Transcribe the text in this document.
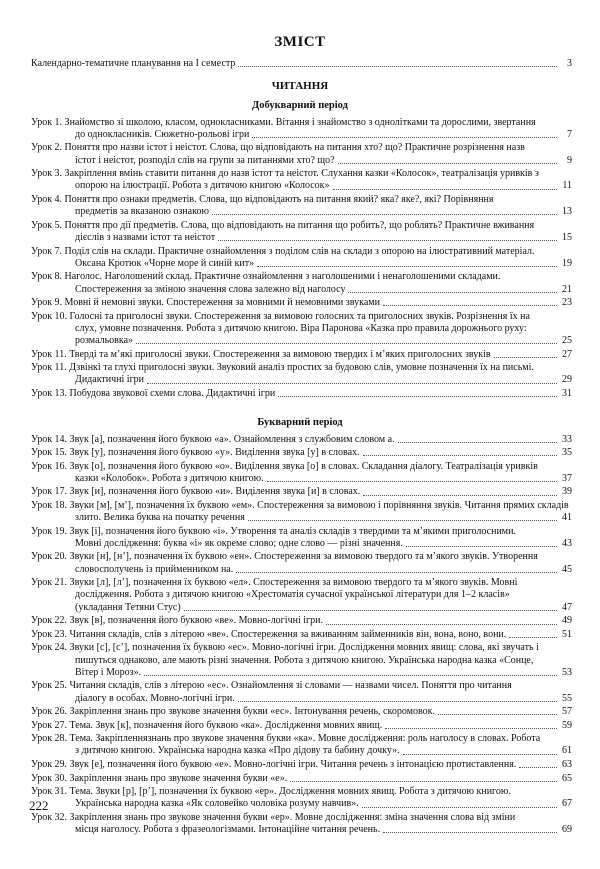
ЗМІСТ
Календарно-тематичне планування на І семестр	3
ЧИТАННЯ
Добукварний період
Урок 1. Знайомство зі школою, класом, однокласниками. Вітання і знайомство з однолітками та дорослими, звертання
до однокласників. Сюжетно-рольові ігри	7
Урок 2. Поняття про назви істот і неістот. Слова, що відповідають на питання хто? що? Практичне розрізнення назв
істот і неістот, розподіл слів на групи за питаннями хто? що?	9
Урок 3. Закріплення вмінь ставити питання до назв істот та неістот. Слухання казки «Колосок», театралізація уривків з
опорою на ілюстрації. Робота з дитячою книгою «Колосок»	11
Урок 4. Поняття про ознаки предметів. Слова, що відповідають на питання який? яка? яке?, які? Порівняння
предметів за вказаною ознакою	13
Урок 5. Поняття про дії предметів. Слова, що відповідають на питання що робить?, що роблять? Практичне вживання
дієслів з назвами істот та неістот	15
Урок 7. Поділ слів на склади. Практичне ознайомлення з поділом слів на склади з опорою на ілюстративний матеріал.
Оксана Кротюк «Чорне море й синій кит»	19
Урок 8. Наголос. Наголошений склад. Практичне ознайомлення з наголошеними і ненаголошеними складами.
Спостереження за зміною значення слова залежно від наголосу	21
Урок 9. Мовні й немовні звуки. Спостереження за мовними й немовними звуками	23
Урок 10. Голосні та приголосні звуки. Спостереження за вимовою голосних та приголосних звуків. Розрізнення їх на
слух, умовне позначення. Робота з дитячою книгою. Віра Паронова «Казка про правила дорожнього руху:
розмальовка»	25
Урок 11. Тверді та м’які приголосні звуки. Спостереження за вимовою твердих і м’яких приголосних звуків	27
Урок 11. Дзвінкі та глухі приголосні звуки. Звуковий аналіз простих за будовою слів, умовне позначення їх на письмі.
Дидактичні ігри	29
Урок 13. Побудова звукової схеми слова. Дидактичні ігри	31
Букварний період
Урок 14. Звук [а], позначення його буквою «а». Ознайомлення з службовим словом а.	33
Урок 15. Звук [у], позначення його буквою «у». Виділення звука [у] в словах.	35
Урок 16. Звук [о], позначення його буквою «о». Виділення звука [о] в словах. Складання діалогу. Театралізація уривків
казки «Колобок». Робота з дитячою книгою.	37
Урок 17. Звук [и], позначення його буквою «и». Виділення звука [и] в словах.	39
Урок 18. Звуки [м], [м’], позначення їх буквою «ем». Спостереження за вимовою і порівняння звуків. Читання прямих складів
злито. Велика буква на початку речення	41
Урок 19. Звук [і], позначення його буквою «і». Утворення та аналіз складів з твердими та м’якими приголосними.
Мовні дослідження: буква «і» як окреме слово; одне слово — різні значення.	43
Урок 20. Звуки [н], [н’], позначення їх буквою «ен». Спостереження за вимовою твердого та м’якого звуків. Утворення
словосполучень із прийменником на.	45
Урок 21. Звуки [л], [л’], позначення їх буквою «ел». Спостереження за вимовою твердого та м’якого звуків. Мовні
дослідження. Робота з дитячою книгою «Хрестоматія сучасної української літератури для 1–2 класів»
(укладання Тетяни Стус)	47
Урок 22. Звук [в], позначення його буквою «ве». Мовно-логічні ігри.	49
Урок 23. Читання складів, слів з літерою «ве». Спостереження за вживанням займенників він, вона, воно, вони.	51
Урок 24. Звуки [с], [с’], позначення їх буквою «ес». Мовно-логічні ігри. Дослідження мовних явищ: слова, які звучать і
пишуться однаково, але мають різні значення. Робота з дитячою книгою. Українська народна казка «Сонце,
Вітер і Мороз».	53
Урок 25. Читання складів, слів з літерою «ес». Ознайомлення зі словами — назвами чисел. Поняття про читання
діалогу в особах. Мовно-логічні ігри.	55
Урок 26. Закріплення знань про звукове значення букви «ес». Інтонування речень, скоромовок.	57
Урок 27. Тема. Звук [к], позначення його буквою «ка». Дослідження мовних явищ.	59
Урок 28. Тема. Закріпленнязнань про звукове значення букви «ка». Мовне дослідження: роль наголосу в словах. Робота
з дитячою книгою. Українська народна казка «Про дідову та бабину дочку».	61
Урок 29. Звук [е], позначення його буквою «е». Мовно-логічні ігри. Читання речень з інтонацією протиставлення.	63
Урок 30. Закріплення знань про звукове значення букви «е».	65
Урок 31. Тема. Звуки [р], [р’], позначення їх буквою «ер». Дослідження мовних явищ. Робота з дитячою книгою.
Українська народна казка «Як соловейко чоловіка розуму навчив».	67
Урок 32. Закріплення знань про звукове значення букви «ер». Мовне дослідження: зміна значення слова від зміни
місця наголосу. Робота з фразеологізмами. Інтонаційне читання речень.	69
222
